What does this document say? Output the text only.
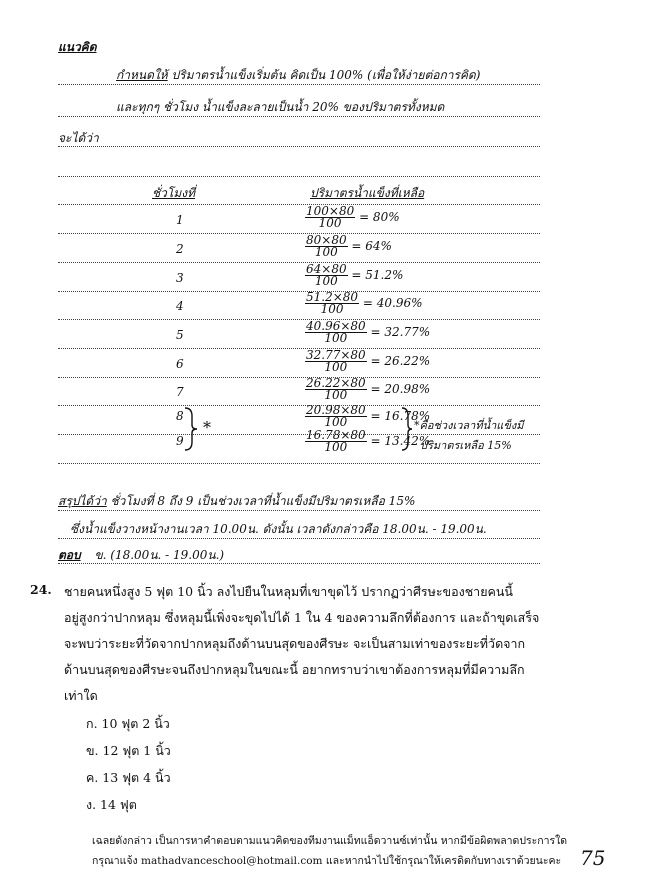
แนวคิด
กำหนดให้ ปริมาตรน้ำแข็งเริ่มต้น คิดเป็น 100% (เพื่อให้ง่ายต่อการคิด)
และทุกๆ ชั่วโมง น้ำแข็งละลายเป็นน้ำ 20% ของปริมาตรทั้งหมด
จะได้ว่า
ชั่วโมงที่	ปริมาตรน้ำแข็งที่เหลือ
1	$\frac{100\times 80}{100} = 80\%$
2	$\frac{80\times 80}{100} = 64\%$
3	$\frac{64\times 80}{100} = 51.2\%$
4	$\frac{51.2\times 80}{100} = 40.96\%$
5	$\frac{40.96\times 80}{100} = 32.77\%$
6	$\frac{32.77\times 80}{100} = 26.22\%$
7	$\frac{26.22\times 80}{100} = 20.98\%$
8	$\frac{20.98\times 80}{100} = 16.78\%$
9	$\frac{16.78\times 80}{100} = 13.42\%$
*	*คือช่วงเวลาที่น้ำแข็งมี
ปริมาตรเหลือ 15%
สรุปได้ว่า ชั่วโมงที่ 8 ถึง 9 เป็นช่วงเวลาที่น้ำแข็งมีปริมาตรเหลือ 15%
ซึ่งน้ำแข็งวางหน้างานเวลา 10.00น. ดังนั้น เวลาดังกล่าวคือ 18.00น. - 19.00น.
ตอบ ข. (18.00น. - 19.00น.)
24. ชายคนหนึ่งสูง 5 ฟุต 10 นิ้ว ลงไปยืนในหลุมที่เขาขุดไว้ ปรากฏว่าศีรษะของชายคนนี้
อยู่สูงกว่าปากหลุม ซึ่งหลุมนี้เพิ่งจะขุดไปได้ 1 ใน 4 ของความลึกที่ต้องการ และถ้าขุดเสร็จ
จะพบว่าระยะที่วัดจากปากหลุมถึงด้านบนสุดของศีรษะ จะเป็นสามเท่าของระยะที่วัดจาก
ด้านบนสุดของศีรษะจนถึงปากหลุมในขณะนี้ อยากทราบว่าเขาต้องการหลุมที่มีความลึก
เท่าใด
ก. 10 ฟุต 2 นิ้ว
ข. 12 ฟุต 1 นิ้ว
ค. 13 ฟุต 4 นิ้ว
ง. 14 ฟุต
เฉลยดังกล่าว เป็นการหาคำตอบตามแนวคิดของทีมงานแม็ทแอ็ดวานซ์เท่านั้น หากมีข้อผิดพลาดประการใด
กรุณาแจ้ง mathadvanceschool@hotmail.com และหากนำไปใช้กรุณาให้เครดิตกับทางเราด้วยนะคะ 75
